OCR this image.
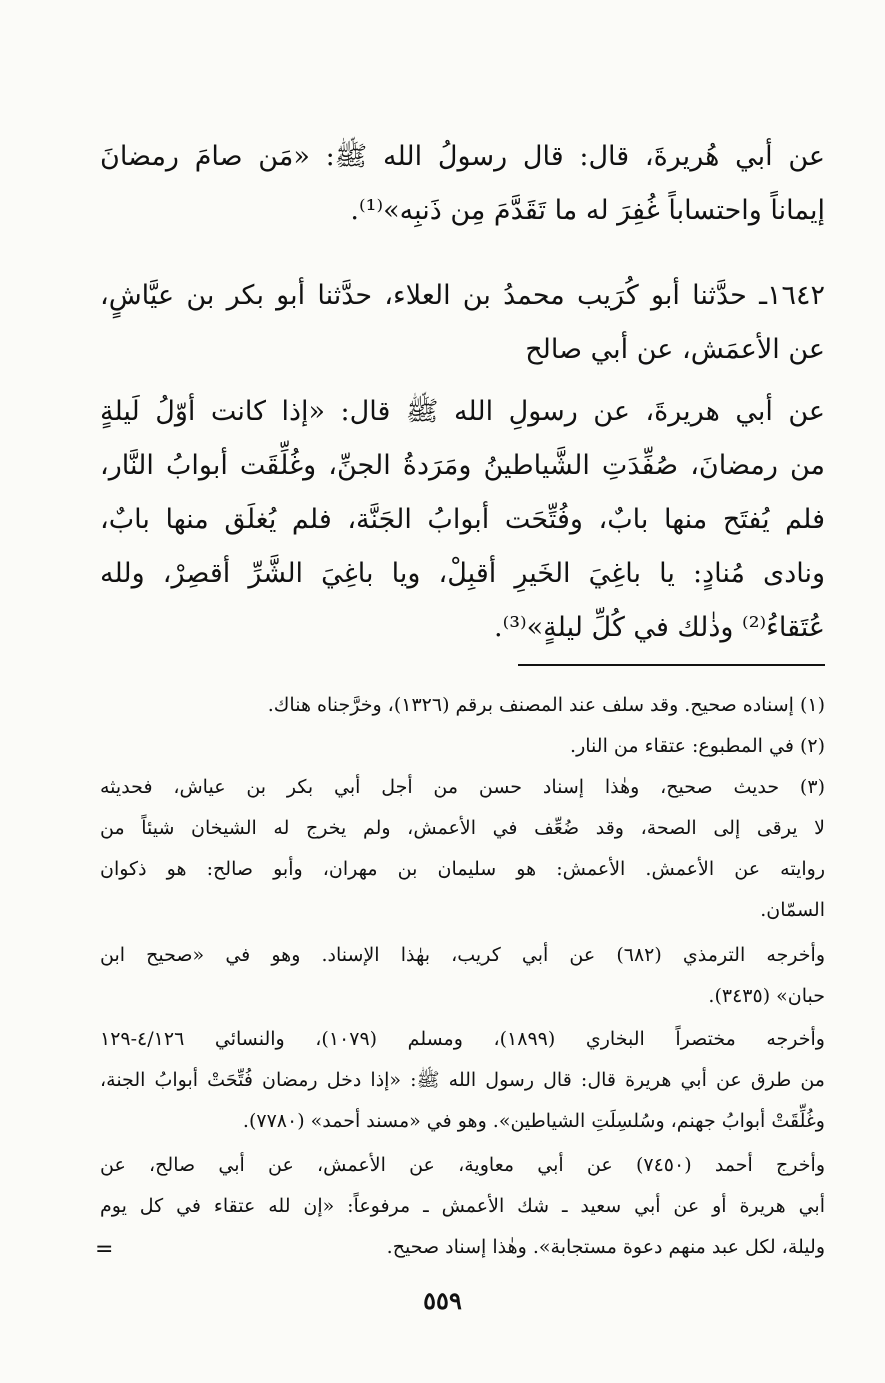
عن أبي هُريرةَ، قال: قال رسولُ الله ﷺ: «مَن صامَ رمضانَ
إيماناً واحتساباً غُفِرَ له ما تَقَدَّمَ مِن ذَنبِه»⁽¹⁾.
١٦٤٢ـ حدَّثنا أبو كُرَيب محمدُ بن العلاء، حدَّثنا أبو بكر بن عيَّاشٍ،
عن الأعمَش، عن أبي صالح
عن أبي هريرةَ، عن رسولِ الله ﷺ قال: «إذا كانت أوّلُ لَيلةٍ
من رمضانَ، صُفِّدَتِ الشَّياطينُ ومَرَدةُ الجنِّ، وغُلِّقَت أبوابُ النَّار،
فلم يُفتَح منها بابٌ، وفُتِّحَت أبوابُ الجَنَّة، فلم يُغلَق منها بابٌ،
ونادى مُنادٍ: يا باغِيَ الخَيرِ أقبِلْ، ويا باغِيَ الشَّرِّ أقصِرْ، ولله
عُتَقاءُ⁽²⁾ وذٰلك في كُلِّ ليلةٍ»⁽³⁾.
(١) إسناده صحيح. وقد سلف عند المصنف برقم (١٣٢٦)، وخرَّجناه هناك.
(٢) في المطبوع: عتقاء من النار.
(٣) حديث صحيح، وهٰذا إسناد حسن من أجل أبي بكر بن عياش، فحديثه
لا يرقى إلى الصحة، وقد ضُعِّف في الأعمش، ولم يخرج له الشيخان شيئاً من
روايته عن الأعمش. الأعمش: هو سليمان بن مهران، وأبو صالح: هو ذكوان
السمّان.
وأخرجه الترمذي (٦٨٢) عن أبي كريب، بهٰذا الإسناد. وهو في «صحيح ابن
حبان» (٣٤٣٥).
وأخرجه مختصراً البخاري (١٨٩٩)، ومسلم (١٠٧٩)، والنسائي ٤/١٢٦-١٢٩
من طرق عن أبي هريرة قال: قال رسول الله ﷺ: «إذا دخل رمضان فُتِّحَتْ أبوابُ الجنة،
وغُلِّقَتْ أبوابُ جهنم، وسُلسِلَتِ الشياطين». وهو في «مسند أحمد» (٧٧٨٠).
وأخرج أحمد (٧٤٥٠) عن أبي معاوية، عن الأعمش، عن أبي صالح، عن
أبي هريرة أو عن أبي سعيد ـ شك الأعمش ـ مرفوعاً: «إن لله عتقاء في كل يوم
وليلة، لكل عبد منهم دعوة مستجابة». وهٰذا إسناد صحيح.
=
٥٥٩
